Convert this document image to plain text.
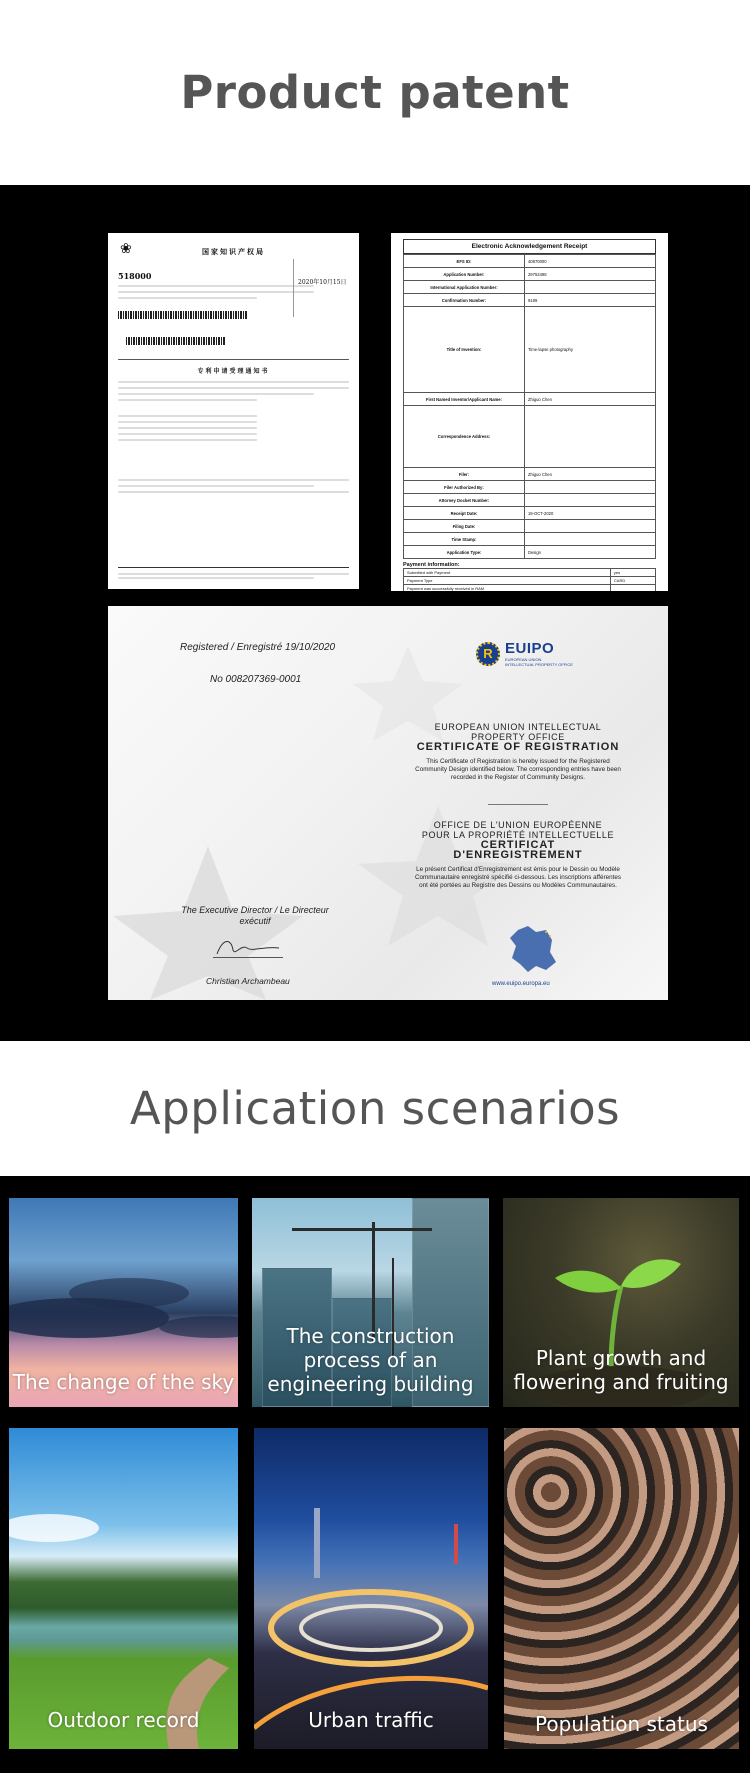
Product patent
❀	国家知识产权局
2020年10月15日
518000

专利申请受理通知书
Electronic Acknowledgement Receipt
EFS ID:	40870000
Application Number:	29753498
International Application Number:	
Confirmation Number:	9189
Title of Invention:	Time-lapse photography
First Named Inventor/Applicant Name:	Zhiguo Chen
Correspondence Address:	
Filer:	Zhiguo Chen
Filer Authorized By:	
Attorney Docket Number:	
Receipt Date:	19-OCT-2020
Filing Date:	
Time Stamp:	
Application Type:	Design
Payment information:
Submitted with Payment	yes
Payment Type	CARD
Payment was successfully received in RAM	
Registered / Enregistré 19/10/2020
No 008207369-0001
R EUIPO
EUROPEAN UNION
INTELLECTUAL PROPERTY OFFICE
EUROPEAN UNION INTELLECTUAL
PROPERTY OFFICE
CERTIFICATE OF REGISTRATION
This Certificate of Registration is hereby issued for the Registered Community Design identified below. The corresponding entries have been recorded in the Register of Community Designs.
OFFICE DE L'UNION EUROPÉENNE
POUR LA PROPRIÉTÉ INTELLECTUELLE
CERTIFICAT
D'ENREGISTREMENT
Le présent Certificat d'Enregistrement est émis pour le Dessin ou Modèle Communautaire enregistré spécifié ci-dessous. Les inscriptions afférentes ont été portées au Registre des Dessins ou Modèles Communautaires.
The Executive Director / Le Directeur exécutif
Christian Archambeau	www.euipo.europa.eu
Application scenarios
The change of the sky
The construction process of an engineering building
Plant growth and flowering and fruiting
Outdoor record	Urban traffic	Population status
